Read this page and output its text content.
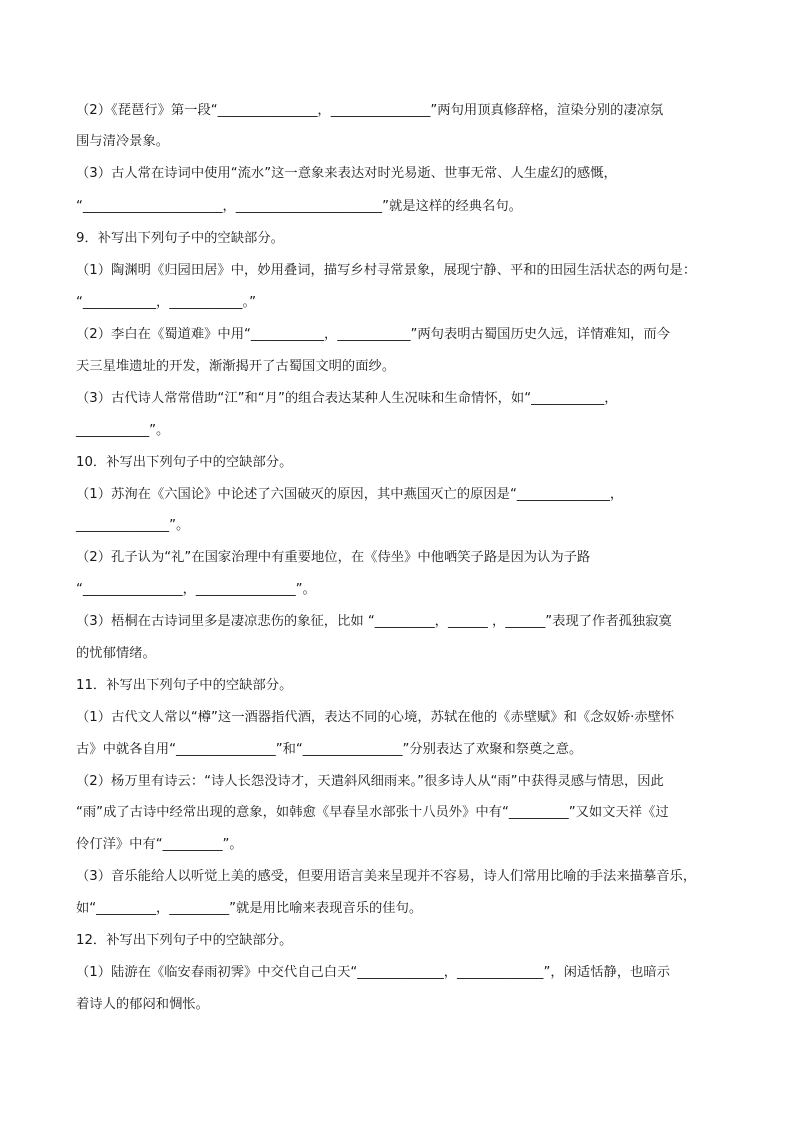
（2）《琵琶行》第一段“_______________，_______________”两句用顶真修辞格，渲染分别的凄凉氛
围与清冷景象。
（3）古人常在诗词中使用“流水”这一意象来表达对时光易逝、世事无常、人生虚幻的感慨，
“_____________________，______________________”就是这样的经典名句。
9．补写出下列句子中的空缺部分。
（1）陶渊明《归园田居》中，妙用叠词，描写乡村寻常景象，展现宁静、平和的田园生活状态的两句是：
“___________，___________。”
（2）李白在《蜀道难》中用“___________，___________”两句表明古蜀国历史久远，详情难知，而今
天三星堆遗址的开发，渐渐揭开了古蜀国文明的面纱。
（3）古代诗人常常借助“江”和“月”的组合表达某种人生况味和生命情怀，如“___________，
___________”。
10．补写出下列句子中的空缺部分。
（1）苏洵在《六国论》中论述了六国破灭的原因，其中燕国灭亡的原因是“______________，
______________”。
（2）孔子认为“礼”在国家治理中有重要地位，在《侍坐》中他哂笑子路是因为认为子路
“_______________，_______________”。
（3）梧桐在古诗词里多是凄凉悲伤的象征，比如 “_________，______ ，______”表现了作者孤独寂寞
的忧郁情绪。
11．补写出下列句子中的空缺部分。
（1）古代文人常以“樽”这一酒器指代酒，表达不同的心境，苏轼在他的《赤壁赋》和《念奴娇·赤壁怀
古》中就各自用“_______________”和“_______________”分别表达了欢聚和祭奠之意。
（2）杨万里有诗云：“诗人长怨没诗才，天遣斜风细雨来。”很多诗人从“雨”中获得灵感与情思，因此
“雨”成了古诗中经常出现的意象，如韩愈《早春呈水部张十八员外》中有“_________”又如文天祥《过
伶仃洋》中有“_________”。
（3）音乐能给人以听觉上美的感受，但要用语言美来呈现并不容易，诗人们常用比喻的手法来描摹音乐，
如“_________，_________”就是用比喻来表现音乐的佳句。
12．补写出下列句子中的空缺部分。
（1）陆游在《临安春雨初霁》中交代自己白天“_____________，_____________”，闲适恬静，也暗示
着诗人的郁闷和惆怅。
